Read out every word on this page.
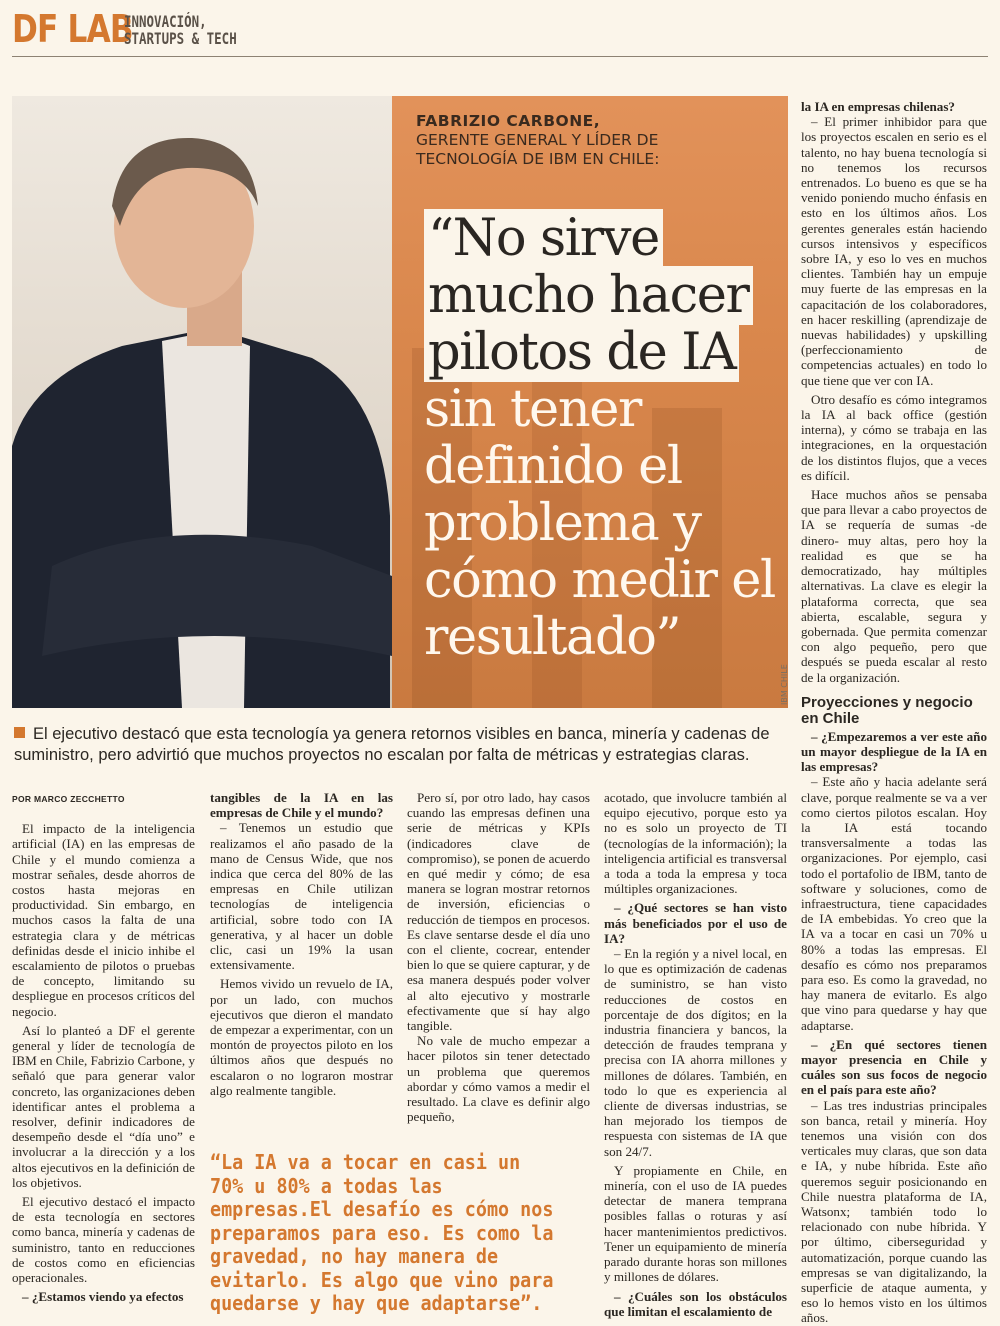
DF LAB
INNOVACIÓN,
STARTUPS & TECH
IBM CHILE
FABRIZIO CARBONE,
GERENTE GENERAL Y LÍDER DE
TECNOLOGÍA DE IBM EN CHILE:
“No sirve mucho hacer pilotos de IA sin tener definido el problema y cómo medir el resultado”
El ejecutivo destacó que esta tecnología ya genera retornos visibles en banca, minería y cadenas de suministro, pero advirtió que muchos proyectos no escalan por falta de métricas y estrategias claras.
POR MARCO ZECCHETTO

El impacto de la inteligencia artificial (IA) en las empresas de Chile y el mundo comienza a mostrar señales, desde ahorros de costos hasta mejoras en productividad. Sin embargo, en muchos casos la falta de una estrategia clara y de métricas definidas desde el inicio inhibe el escalamiento de pilotos o pruebas de concepto, limitando su despliegue en procesos críticos del negocio.

Así lo planteó a DF el gerente general y líder de tecnología de IBM en Chile, Fabrizio Carbone, y señaló que para generar valor concreto, las organizaciones deben identificar antes el problema a resolver, definir indicadores de desempeño desde el “día uno” e involucrar a la dirección y a los altos ejecutivos en la definición de los objetivos.

El ejecutivo destacó el impacto de esta tecnología en sectores como banca, minería y cadenas de suministro, tanto en reducciones de costos como en eficiencias operacionales.

– ¿Estamos viendo ya efectos

tangibles de la IA en las empresas de Chile y el mundo?

– Tenemos un estudio que realizamos el año pasado de la mano de Census Wide, que nos indica que cerca del 80% de las empresas en Chile utilizan tecnologías de inteligencia artificial, sobre todo con IA generativa, y al hacer un doble clic, casi un 19% la usan extensivamente.

Hemos vivido un revuelo de IA, por un lado, con muchos ejecutivos que dieron el mandato de empezar a experimentar, con un montón de proyectos piloto en los últimos años que después no escalaron o no lograron mostrar algo realmente tangible.

Pero sí, por otro lado, hay casos cuando las empresas definen una serie de métricas y KPIs (indicadores clave de compromiso), se ponen de acuerdo en qué medir y cómo; de esa manera se logran mostrar retornos de inversión, eficiencias o reducción de tiempos en procesos. Es clave sentarse desde el día uno con el cliente, cocrear, entender bien lo que se quiere capturar, y de esa manera después poder volver al alto ejecutivo y mostrarle efectivamente que sí hay algo tangible.

No vale de mucho empezar a hacer pilotos sin tener detectado un problema que queremos abordar y cómo vamos a medir el resultado. La clave es definir algo pequeño,

“La IA va a tocar en casi un 70% u 80% a todas las empresas.El desafío es cómo nos preparamos para eso. Es como la gravedad, no hay manera de evitarlo. Es algo que vino para quedarse y hay que adaptarse”.

acotado, que involucre también al equipo ejecutivo, porque esto ya no es solo un proyecto de TI (tecnologías de la información); la inteligencia artificial es transversal a toda a toda la empresa y toca múltiples organizaciones.

– ¿Qué sectores se han visto más beneficiados por el uso de IA?

– En la región y a nivel local, en lo que es optimización de cadenas de suministro, se han visto reducciones de costos en porcentaje de dos dígitos; en la industria financiera y bancos, la detección de fraudes temprana y precisa con IA ahorra millones y millones de dólares. También, en todo lo que es experiencia al cliente de diversas industrias, se han mejorado los tiempos de respuesta con sistemas de IA que son 24/7.

Y propiamente en Chile, en minería, con el uso de IA puedes detectar de manera temprana posibles fallas o roturas y así hacer mantenimientos predictivos. Tener un equipamiento de minería parado durante horas son millones y millones de dólares.

– ¿Cuáles son los obstáculos que limitan el escalamiento de

la IA en empresas chilenas?

– El primer inhibidor para que los proyectos escalen en serio es el talento, no hay buena tecnología si no tenemos los recursos entrenados. Lo bueno es que se ha venido poniendo mucho énfasis en esto en los últimos años. Los gerentes generales están haciendo cursos intensivos y específicos sobre IA, y eso lo ves en muchos clientes. También hay un empuje muy fuerte de las empresas en la capacitación de los colaboradores, en hacer reskilling (aprendizaje de nuevas habilidades) y upskilling (perfeccionamiento de competencias actuales) en todo lo que tiene que ver con IA.

Otro desafío es cómo integramos la IA al back office (gestión interna), y cómo se trabaja en las integraciones, en la orquestación de los distintos flujos, que a veces es difícil.

Hace muchos años se pensaba que para llevar a cabo proyectos de IA se requería de sumas -de dinero- muy altas, pero hoy la realidad es que se ha democratizado, hay múltiples alternativas. La clave es elegir la plataforma correcta, que sea abierta, escalable, segura y gobernada. Que permita comenzar con algo pequeño, pero que después se pueda escalar al resto de la organización.

Proyecciones y negocio en Chile

– ¿Empezaremos a ver este año un mayor despliegue de la IA en las empresas?

– Este año y hacia adelante será clave, porque realmente se va a ver como ciertos pilotos escalan. Hoy la IA está tocando transversalmente a todas las organizaciones. Por ejemplo, casi todo el portafolio de IBM, tanto de software y soluciones, como de infraestructura, tiene capacidades de IA embebidas. Yo creo que la IA va a tocar en casi un 70% u 80% a todas las empresas. El desafío es cómo nos preparamos para eso. Es como la gravedad, no hay manera de evitarlo. Es algo que vino para quedarse y hay que adaptarse.

– ¿En qué sectores tienen mayor presencia en Chile y cuáles son sus focos de negocio en el país para este año?

– Las tres industrias principales son banca, retail y minería. Hoy tenemos una visión con dos verticales muy claras, que son data e IA, y nube híbrida. Este año queremos seguir posicionando en Chile nuestra plataforma de IA, Watsonx; también todo lo relacionado con nube híbrida. Y por último, ciberseguridad y automatización, porque cuando las empresas se van digitalizando, la superficie de ataque aumenta, y eso lo hemos visto en los últimos años.
